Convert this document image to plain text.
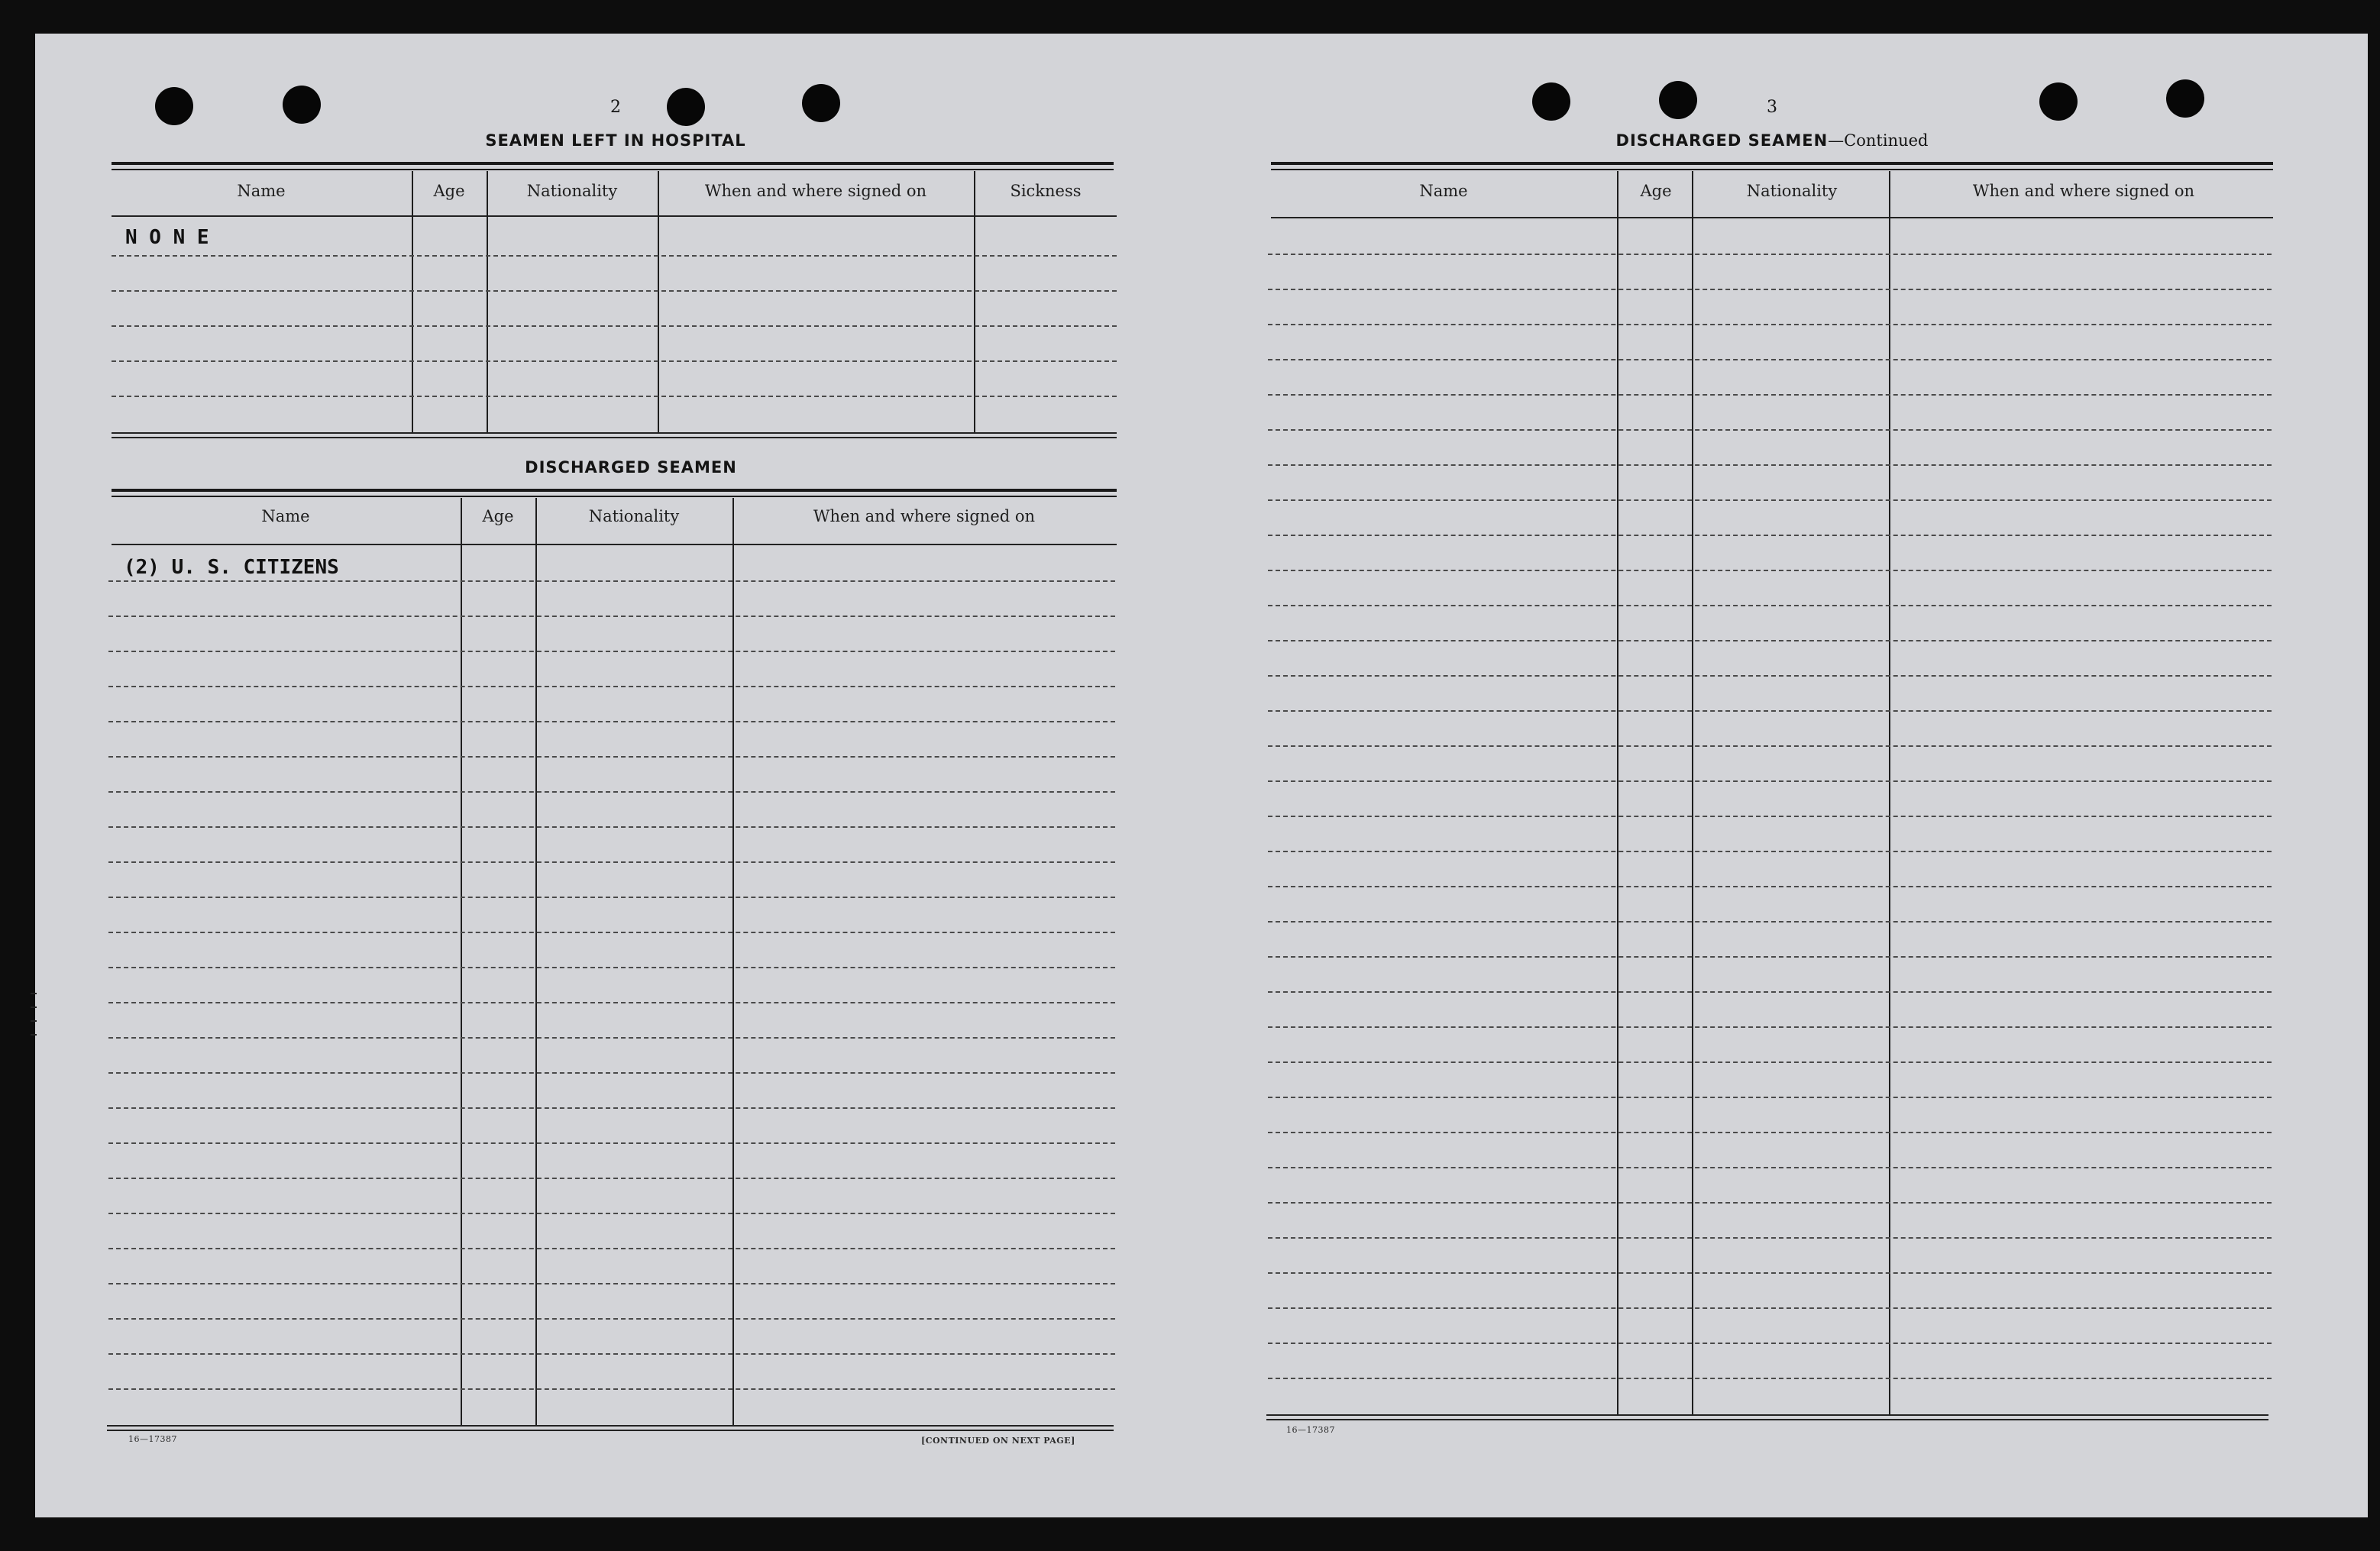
2
SEAMEN LEFT IN HOSPITAL
Name	Age	Nationality	When and where signed on	Sickness
N O N E
DISCHARGED SEAMEN
Name	Age	Nationality	When and where signed on
(2) U. S. CITIZENS
16—17387	[CONTINUED ON NEXT PAGE]
3
DISCHARGED SEAMEN—Continued
Name	Age	Nationality	When and where signed on
16—17387
